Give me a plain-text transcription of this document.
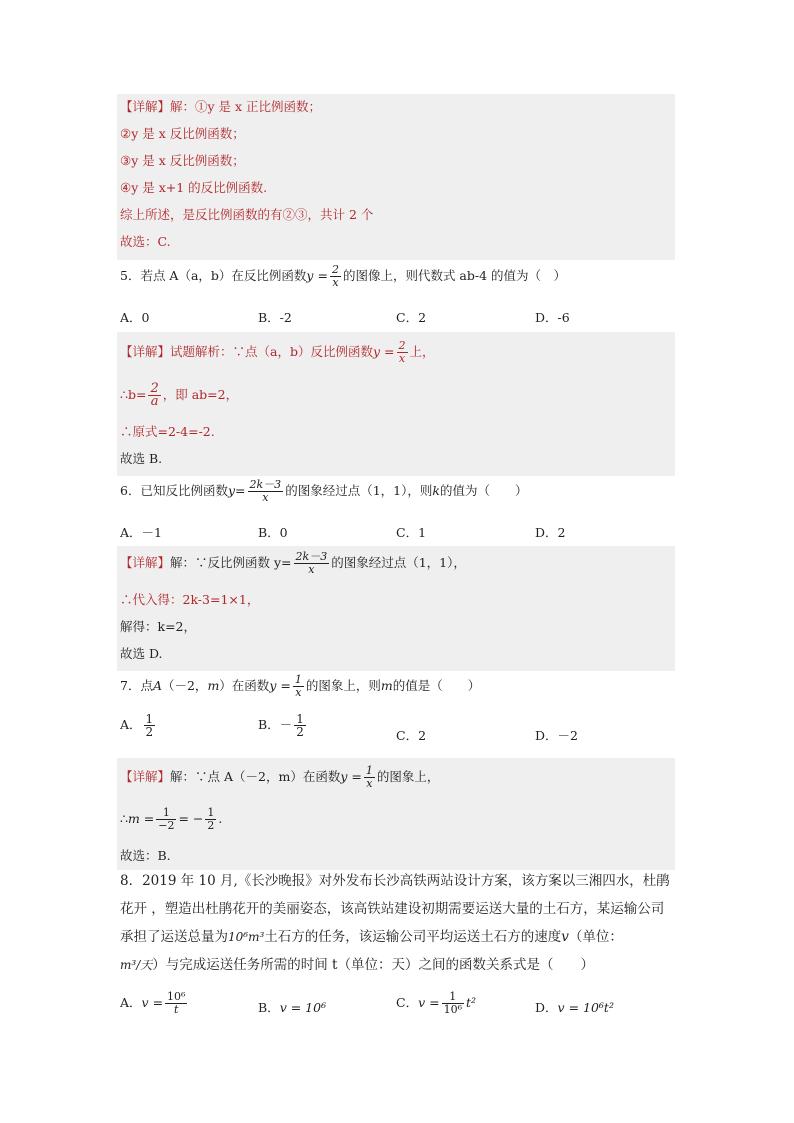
【详解】解：①y 是 x 正比例函数；
②y 是 x 反比例函数；
③y 是 x 反比例函数；
④y 是 x+1 的反比例函数.
综上所述，是反比例函数的有②③，共计 2 个
故选：C.
5．若点 A（a，b）在反比例函数$y = \frac{2}{x}$ 的图像上，则代数式 ab-4 的值为（　）
A．0	B．-2	C．2	D．-6
【详解】试题解析：∵点（a，b）反比例函数$y = \frac{2}{x}$ 上，
∴b= $\frac{2}{a}$ ，即 ab=2，
∴原式=2-4=-2.
故选 B.
6．已知反比例函数$y= \frac{2k-3}{x}$ 的图象经过点（1，1），则k的值为（　　）
A．－1	B．0	C．1	D．2
【详解】解：∵反比例函数 $y= \frac{2k-3}{x}$ 的图象经过点（1，1），
∴代入得：2k-3=1×1，
解得：k=2，
故选 D.
7．点A（－2，m）在函数$y = \frac{1}{x}$ 的图象上，则m的值是（　　）
A． $\frac{1}{2}$	B．－ $\frac{1}{2}$	C．2	D．－2
【详解】解：∵点 A（－2，m）在函数$y = \frac{1}{x}$ 的图象上，
∴m = $\frac{1}{-2}$ = − $\frac{1}{2}$ .
故选：B.
8．2019 年 10 月,《长沙晚报》对外发布长沙高铁两站设计方案，该方案以三湘四水，杜鹃
花开 ，塑造出杜鹃花开的美丽姿态，该高铁站建设初期需要运送大量的土石方，某运输公司
承担了运送总量为10⁶m³土石方的任务，该运输公司平均运送土石方的速度v（单位：
m³/天）与完成运送任务所需的时间 t（单位：天）之间的函数关系式是（　　）
A．$v = \frac{\text{10⁶}}{t}$	B．v = 10⁶	C．$v = \frac{1}{\text{10⁶}} t^2$	D．v = 10⁶t²
